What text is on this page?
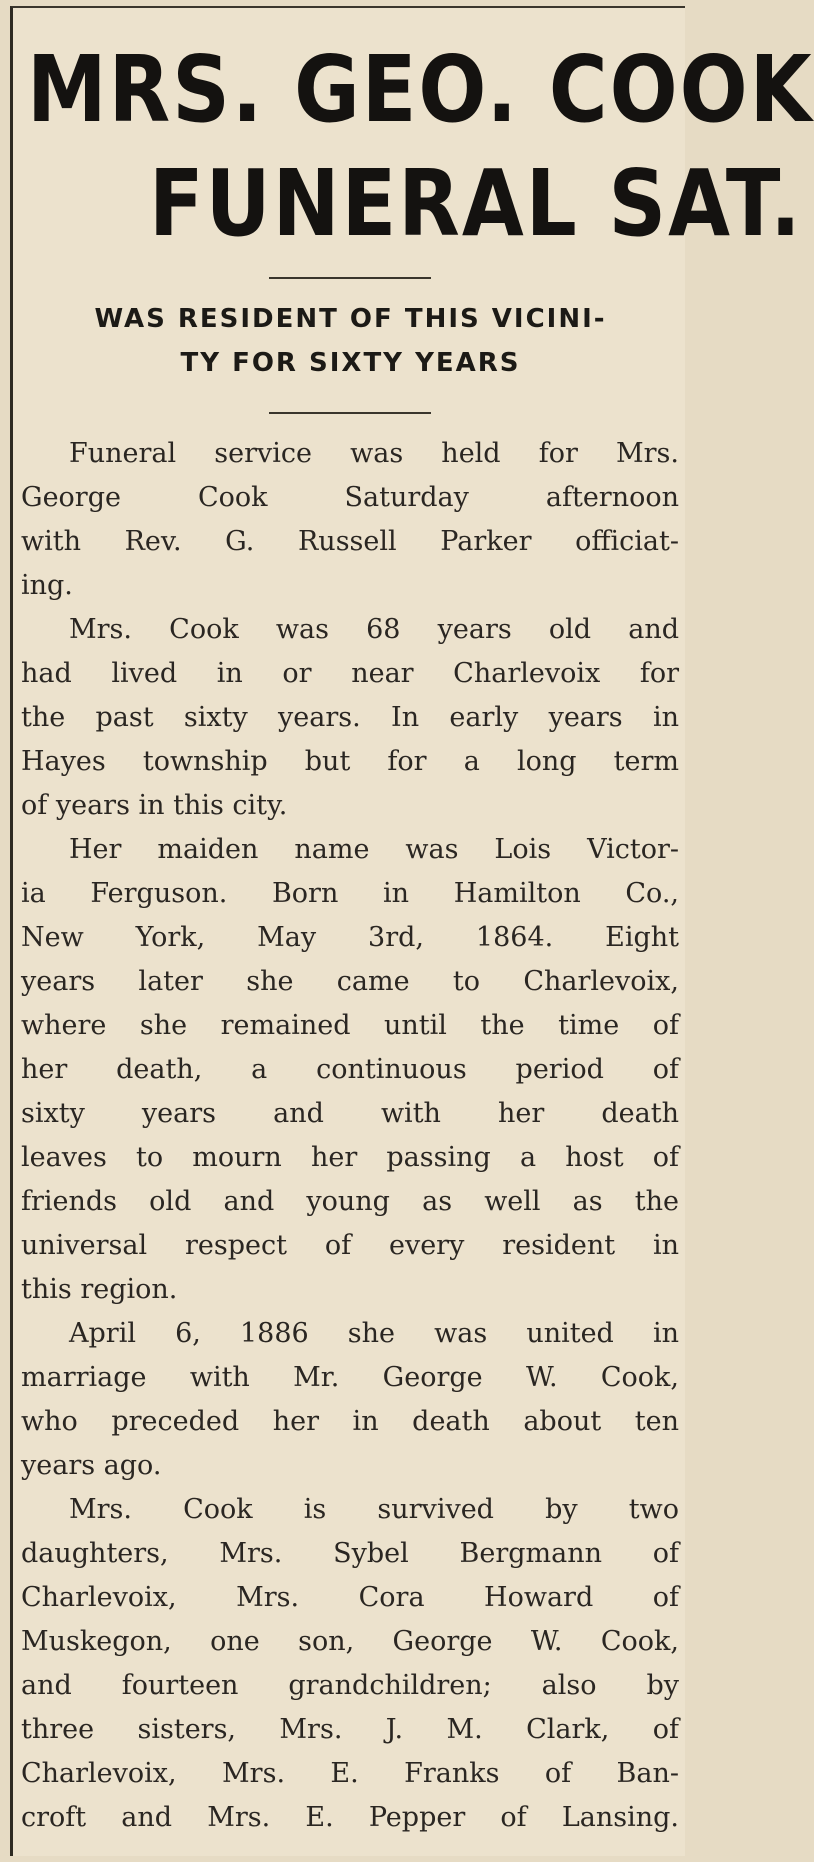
MRS. GEO. COOK
FUNERAL SAT.
WAS RESIDENT OF THIS VICINI-
TY FOR SIXTY YEARS
Funeral service was held for Mrs.
George Cook Saturday afternoon
with Rev. G. Russell Parker officiat-
ing.
Mrs. Cook was 68 years old and
had lived in or near Charlevoix for
the past sixty years. In early years in
Hayes township but for a long term
of years in this city.
Her maiden name was Lois Victor-
ia Ferguson. Born in Hamilton Co.,
New York, May 3rd, 1864. Eight
years later she came to Charlevoix,
where she remained until the time of
her death, a continuous period of
sixty years and with her death
leaves to mourn her passing a host of
friends old and young as well as the
universal respect of every resident in
this region.
April 6, 1886 she was united in
marriage with Mr. George W. Cook,
who preceded her in death about ten
years ago.
Mrs. Cook is survived by two
daughters, Mrs. Sybel Bergmann of
Charlevoix, Mrs. Cora Howard of
Muskegon, one son, George W. Cook,
and fourteen grandchildren; also by
three sisters, Mrs. J. M. Clark, of
Charlevoix, Mrs. E. Franks of Ban-
croft and Mrs. E. Pepper of Lansing.
